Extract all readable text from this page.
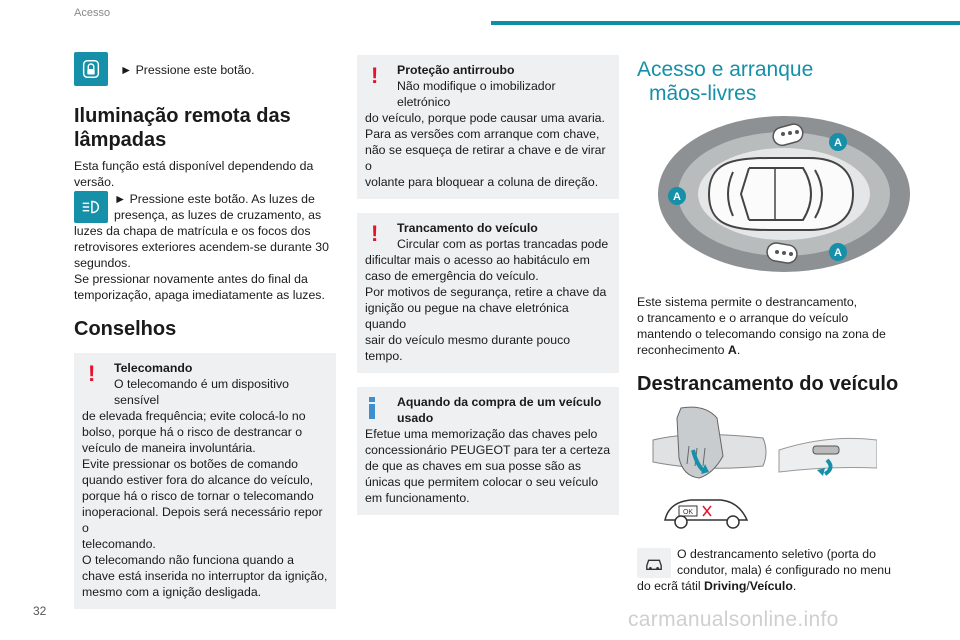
Acesso
► Pressione este botão.
Iluminação remota das
lâmpadas
Esta função está disponível dependendo da
versão.
► Pressione este botão. As luzes de
presença, as luzes de cruzamento, as
luzes da chapa de matrícula e os focos dos
retrovisores exteriores acendem-se durante 30
segundos.
Se pressionar novamente antes do final da
temporização, apaga imediatamente as luzes.
Conselhos
!	Telecomando
O telecomando é um dispositivo sensível
de elevada frequência; evite colocá-lo no
bolso, porque há o risco de destrancar o
veículo de maneira involuntária.
Evite pressionar os botões de comando
quando estiver fora do alcance do veículo,
porque há o risco de tornar o telecomando
inoperacional. Depois será necessário repor o
telecomando.
O telecomando não funciona quando a
chave está inserida no interruptor da ignição,
mesmo com a ignição desligada.
!	Proteção antirroubo
Não modifique o imobilizador eletrónico
do veículo, porque pode causar uma avaria.
Para as versões com arranque com chave,
não se esqueça de retirar a chave e de virar o
volante para bloquear a coluna de direção.
!	Trancamento do veículo
Circular com as portas trancadas pode
dificultar mais o acesso ao habitáculo em
caso de emergência do veículo.
Por motivos de segurança, retire a chave da
ignição ou pegue na chave eletrónica quando
sair do veículo mesmo durante pouco tempo.
Aquando da compra de um veículo
usado
Efetue uma memorização das chaves pelo
concessionário PEUGEOT para ter a certeza
de que as chaves em sua posse são as
únicas que permitem colocar o seu veículo
em funcionamento.
Acesso e arranque
mãos-livres
A
A
A
Este sistema permite o destrancamento,
o trancamento e o arranque do veículo
mantendo o telecomando consigo na zona de
reconhecimento A.
Destrancamento do veículo
OK
O destrancamento seletivo (porta do
condutor, mala) é configurado no menu
do ecrã tátil Driving/Veículo.
32	carmanualsonline.info
